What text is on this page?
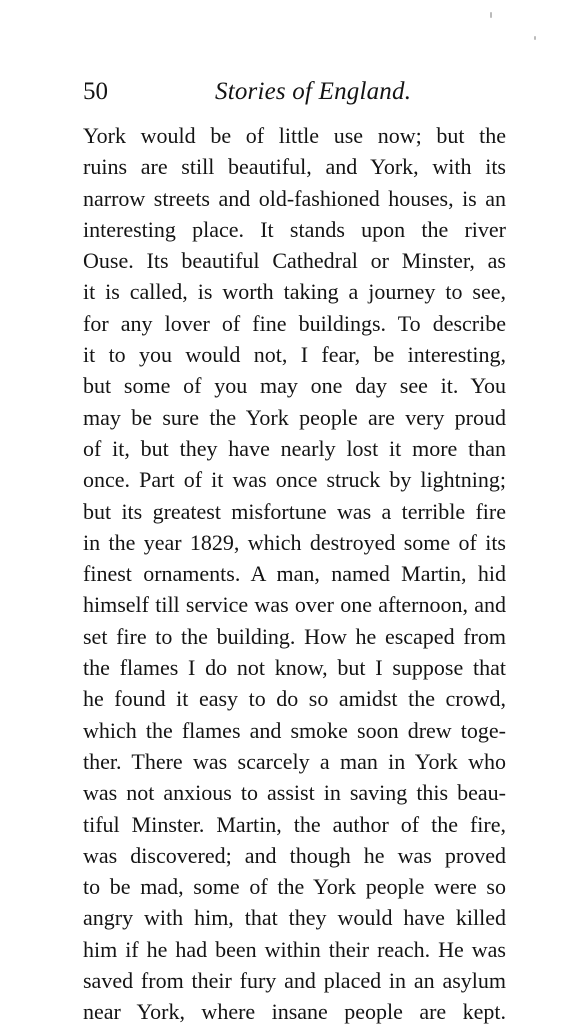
50	Stories of England.
York would be of little use now; but the
ruins are still beautiful, and York, with its
narrow streets and old-fashioned houses, is an
interesting place. It stands upon the river
Ouse. Its beautiful Cathedral or Minster, as
it is called, is worth taking a journey to see,
for any lover of fine buildings. To describe
it to you would not, I fear, be interesting,
but some of you may one day see it. You
may be sure the York people are very proud
of it, but they have nearly lost it more than
once. Part of it was once struck by lightning;
but its greatest misfortune was a terrible fire
in the year 1829, which destroyed some of its
finest ornaments. A man, named Martin, hid
himself till service was over one afternoon, and
set fire to the building. How he escaped from
the flames I do not know, but I suppose that
he found it easy to do so amidst the crowd,
which the flames and smoke soon drew toge-
ther. There was scarcely a man in York who
was not anxious to assist in saving this beau-
tiful Minster. Martin, the author of the fire,
was discovered; and though he was proved
to be mad, some of the York people were so
angry with him, that they would have killed
him if he had been within their reach. He was
saved from their fury and placed in an asylum
near York, where insane people are kept.
